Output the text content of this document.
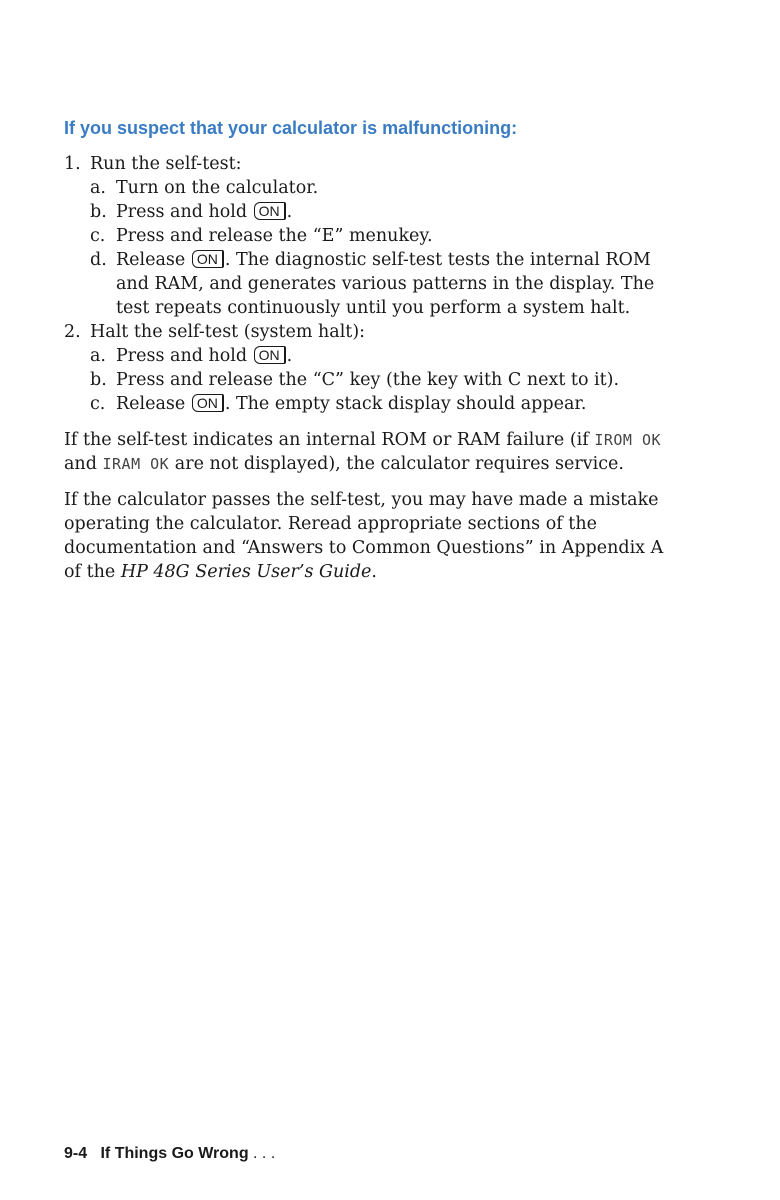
If you suspect that your calculator is malfunctioning:
1. Run the self-test:
a. Turn on the calculator.
b. Press and hold ON .
c. Press and release the “E” menukey.
d. Release ON . The diagnostic self-test tests the internal ROM and RAM, and generates various patterns in the display. The test repeats continuously until you perform a system halt.
2. Halt the self-test (system halt):
a. Press and hold ON .
b. Press and release the “C” key (the key with C next to it).
c. Release ON . The empty stack display should appear.

If the self-test indicates an internal ROM or RAM failure (if IROM OK and IRAM OK are not displayed), the calculator requires service.

If the calculator passes the self-test, you may have made a mistake operating the calculator. Reread appropriate sections of the documentation and “Answers to Common Questions” in Appendix A of the HP 48G Series User’s Guide.

9-4 If Things Go Wrong . . .
